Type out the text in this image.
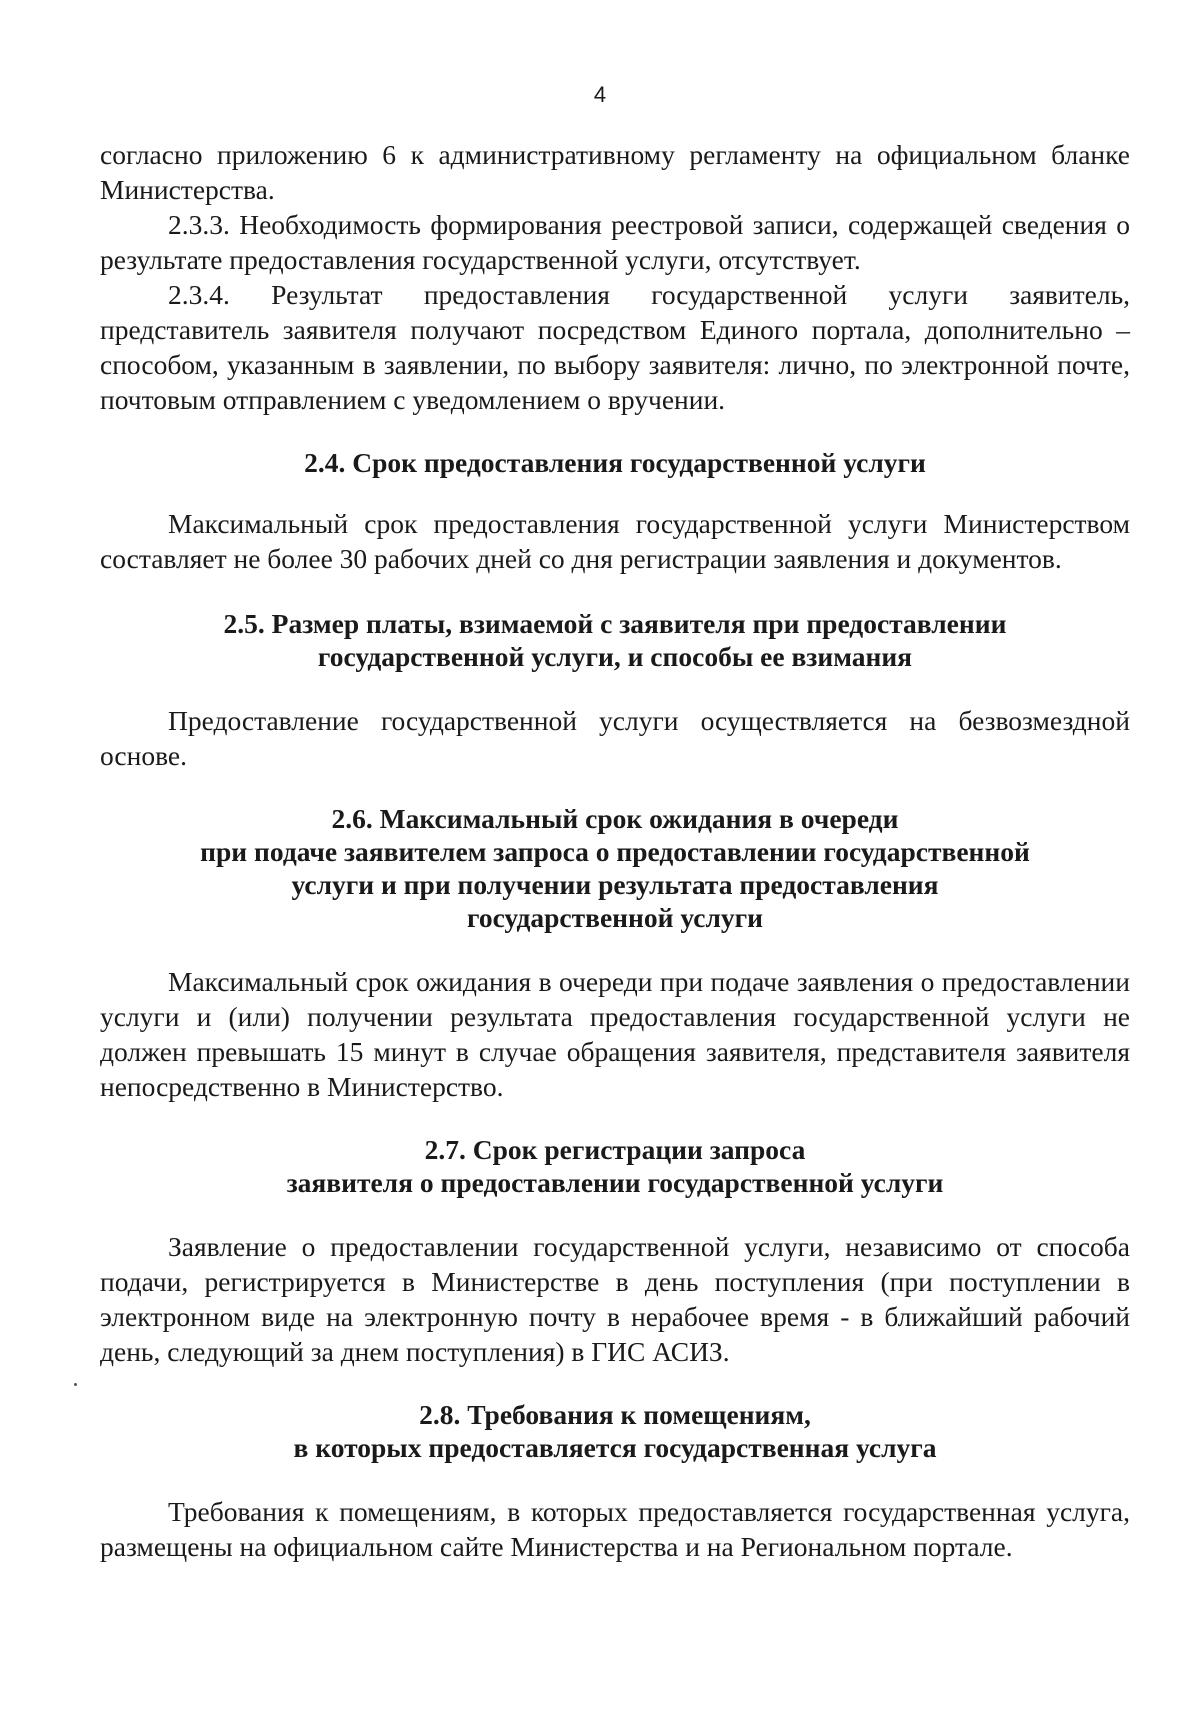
4

согласно приложению 6 к административному регламенту на официальном бланке Министерства.

2.3.3. Необходимость формирования реестровой записи, содержащей сведения о результате предоставления государственной услуги, отсутствует.

2.3.4. Результат предоставления государственной услуги заявитель, представитель заявителя получают посредством Единого портала, дополнительно – способом, указанным в заявлении, по выбору заявителя: лично, по электронной почте, почтовым отправлением с уведомлением о вручении.

2.4. Срок предоставления государственной услуги

Максимальный срок предоставления государственной услуги Министерством составляет не более 30 рабочих дней со дня регистрации заявления и документов.

2.5. Размер платы, взимаемой с заявителя при предоставлении
государственной услуги, и способы ее взимания

Предоставление государственной услуги осуществляется на безвозмездной основе.

2.6. Максимальный срок ожидания в очереди
при подаче заявителем запроса о предоставлении государственной
услуги и при получении результата предоставления
государственной услуги

Максимальный срок ожидания в очереди при подаче заявления о предоставлении услуги и (или) получении результата предоставления государственной услуги не должен превышать 15 минут в случае обращения заявителя, представителя заявителя непосредственно в Министерство.

2.7. Срок регистрации запроса
заявителя о предоставлении государственной услуги

Заявление о предоставлении государственной услуги, независимо от способа подачи, регистрируется в Министерстве в день поступления (при поступлении в электронном виде на электронную почту в нерабочее время - в ближайший рабочий день, следующий за днем поступления) в ГИС АСИЗ.

2.8. Требования к помещениям,
в которых предоставляется государственная услуга

Требования к помещениям, в которых предоставляется государственная услуга, размещены на официальном сайте Министерства и на Региональном портале.
